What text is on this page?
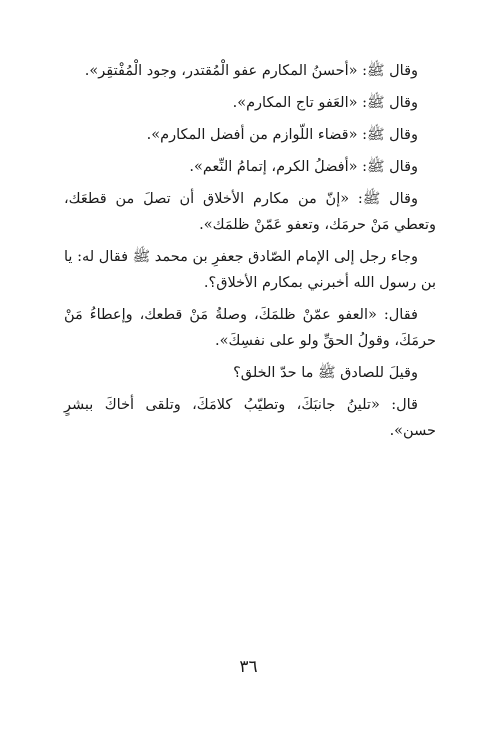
وقال ﷺ: «أحسنُ المكارم عفو الْمُقتدر، وجود الْمُفْتقِر».

وقال ﷺ: «العَفو تاج المكارم».

وقال ﷺ: «قضاء اللّوازم من أفضل المكارم».

وقال ﷺ: «أفضلُ الكرم، إتمامُ النِّعم».

وقال ﷺ: «إنّ من مكارم الأخلاق أن تصلَ من قطعَك، وتعطي مَنْ حرمَك، وتعفو عَمّنْ ظلمَك».

وجاء رجل إلى الإمام الصّادق جعفرِ بن محمد ﷺ فقال له: يا بن رسول الله أخبرني بمكارم الأخلاق؟.

فقال: «العفو عمّنْ ظلمَكَ، وصلةُ مَنْ قطعك، وإعطاءُ مَنْ حرمَكَ، وقولُ الحقِّ ولو على نفسِكَ».

وقيلَ للصادق ﷺ ما حدّ الخلق؟

قال: «تلينُ جانبَكَ، وتطيّبُ كلامَكَ، وتلقى أخاكَ ببشرٍ حسن».

٣٦
